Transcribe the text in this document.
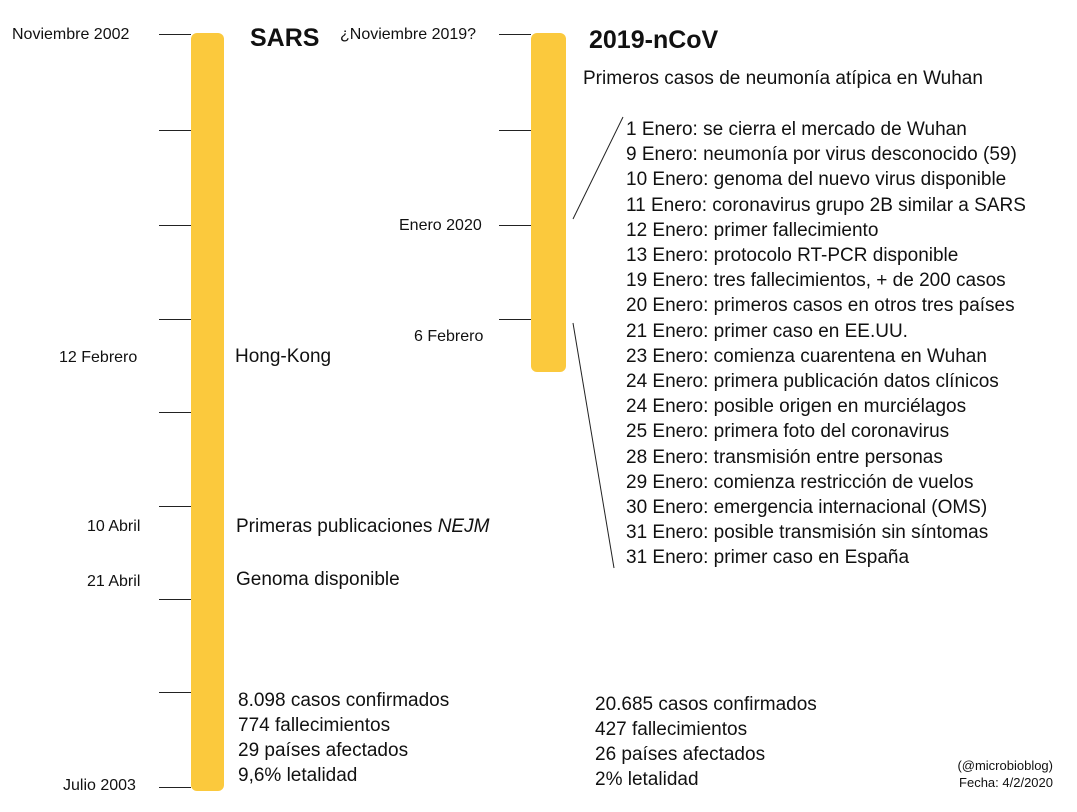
SARS
Noviembre 2002
12 Febrero
10 Abril
21 Abril
Julio 2003
Hong-Kong
Primeras publicaciones NEJM
Genoma disponible
8.098 casos confirmados
774 fallecimientos
29 países afectados
9,6% letalidad
2019-nCoV
¿Noviembre 2019?
Enero 2020
6 Febrero
Primeros casos de neumonía atípica en Wuhan
1 Enero: se cierra el mercado de Wuhan
9 Enero: neumonía por virus desconocido (59)
10 Enero: genoma del nuevo virus disponible
11 Enero: coronavirus grupo 2B similar a SARS
12 Enero: primer fallecimiento
13 Enero: protocolo RT-PCR disponible
19 Enero: tres fallecimientos, + de 200 casos
20 Enero: primeros casos en otros tres países
21 Enero: primer caso en EE.UU.
23 Enero: comienza cuarentena en Wuhan
24 Enero: primera publicación datos clínicos
24 Enero: posible origen en murciélagos
25 Enero: primera foto del coronavirus
28 Enero: transmisión entre personas
29 Enero: comienza restricción de vuelos
30 Enero: emergencia internacional (OMS)
31 Enero: posible transmisión sin síntomas
31 Enero: primer caso en España
20.685 casos confirmados
427 fallecimientos
26 países afectados
2% letalidad
(@microbioblog)
Fecha: 4/2/2020
